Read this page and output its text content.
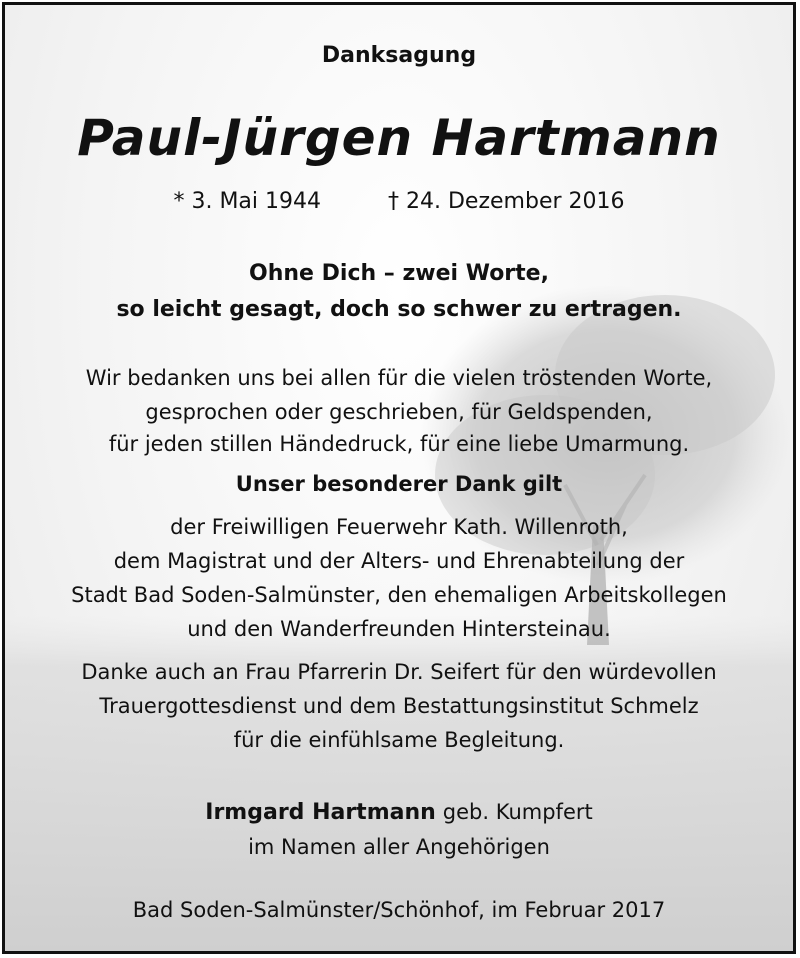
Danksagung
Paul-Jürgen Hartmann
* 3. Mai 1944	† 24. Dezember 2016
Ohne Dich – zwei Worte,
so leicht gesagt, doch so schwer zu ertragen.
Wir bedanken uns bei allen für die vielen tröstenden Worte,
gesprochen oder geschrieben, für Geldspenden,
für jeden stillen Händedruck, für eine liebe Umarmung.
Unser besonderer Dank gilt
der Freiwilligen Feuerwehr Kath. Willenroth,
dem Magistrat und der Alters- und Ehrenabteilung der
Stadt Bad Soden-Salmünster, den ehemaligen Arbeitskollegen
und den Wanderfreunden Hintersteinau.
Danke auch an Frau Pfarrerin Dr. Seifert für den würdevollen
Trauergottesdienst und dem Bestattungsinstitut Schmelz
für die einfühlsame Begleitung.
Irmgard Hartmann geb. Kumpfert
im Namen aller Angehörigen
Bad Soden-Salmünster/Schönhof, im Februar 2017
